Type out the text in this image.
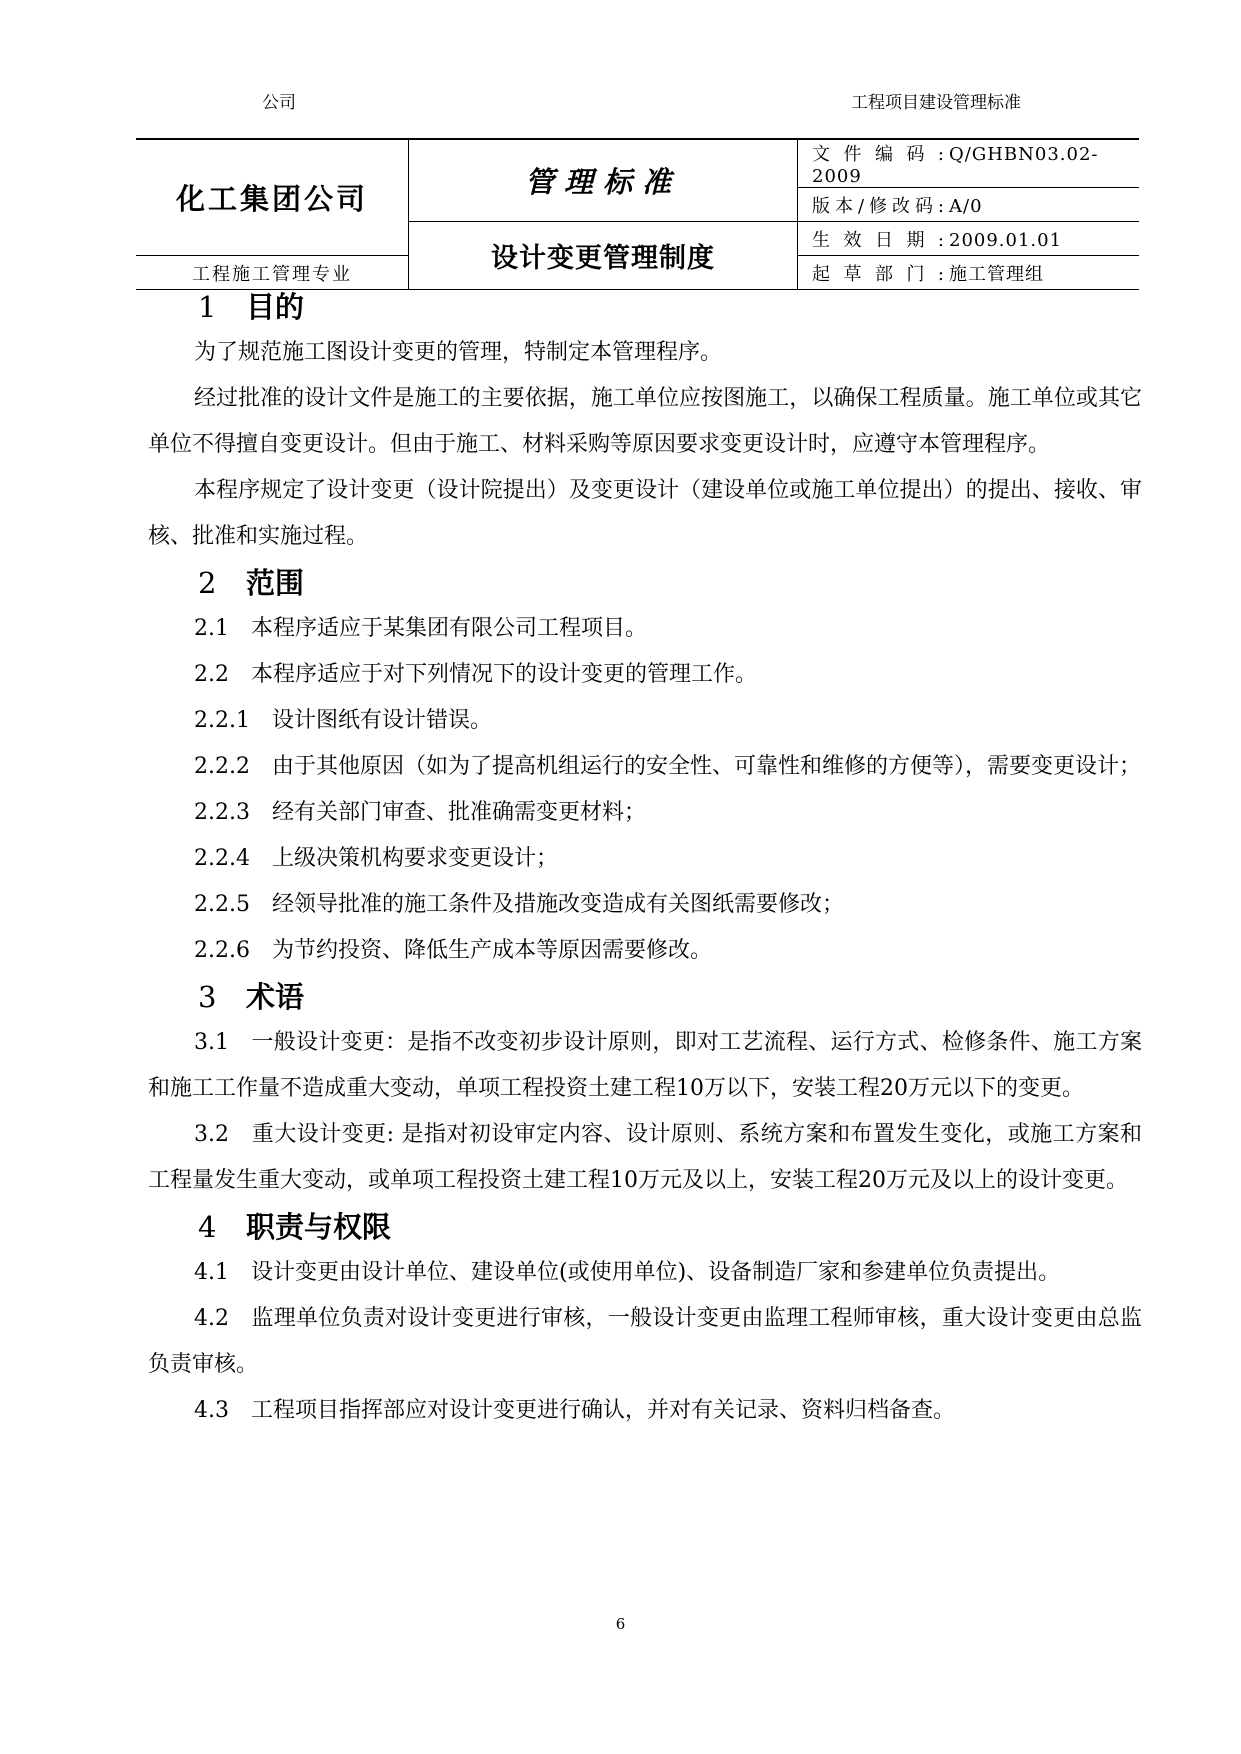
公司	工程项目建设管理标准
化工集团公司	管理标准	文件编码: Q/GHBN03.02-2009
		版本/修改码: A/0
	设计变更管理制度	生效日期: 2009.01.01
工程施工管理专业		起草部门: 施工管理组
1 目的

为了规范施工图设计变更的管理，特制定本管理程序。

经过批准的设计文件是施工的主要依据，施工单位应按图施工，以确保工程质量。施工单位或其它单位不得擅自变更设计。但由于施工、材料采购等原因要求变更设计时，应遵守本管理程序。

本程序规定了设计变更（设计院提出）及变更设计（建设单位或施工单位提出）的提出、接收、审核、批准和实施过程。

2 范围

2.1　本程序适应于某集团有限公司工程项目。

2.2　本程序适应于对下列情况下的设计变更的管理工作。

2.2.1　设计图纸有设计错误。

2.2.2　由于其他原因（如为了提高机组运行的安全性、可靠性和维修的方便等），需要变更设计；

2.2.3　经有关部门审查、批准确需变更材料；

2.2.4　上级决策机构要求变更设计；

2.2.5　经领导批准的施工条件及措施改变造成有关图纸需要修改；

2.2.6　为节约投资、降低生产成本等原因需要修改。

3 术语

3.1　一般设计变更：是指不改变初步设计原则，即对工艺流程、运行方式、检修条件、施工方案和施工工作量不造成重大变动，单项工程投资土建工程10万以下，安装工程20万元以下的变更。

3.2　重大设计变更: 是指对初设审定内容、设计原则、系统方案和布置发生变化，或施工方案和工程量发生重大变动，或单项工程投资土建工程10万元及以上，安装工程20万元及以上的设计变更。

4 职责与权限

4.1　设计变更由设计单位、建设单位(或使用单位)、设备制造厂家和参建单位负责提出。

4.2　监理单位负责对设计变更进行审核，一般设计变更由监理工程师审核，重大设计变更由总监负责审核。

4.3　工程项目指挥部应对设计变更进行确认，并对有关记录、资料归档备查。

6
